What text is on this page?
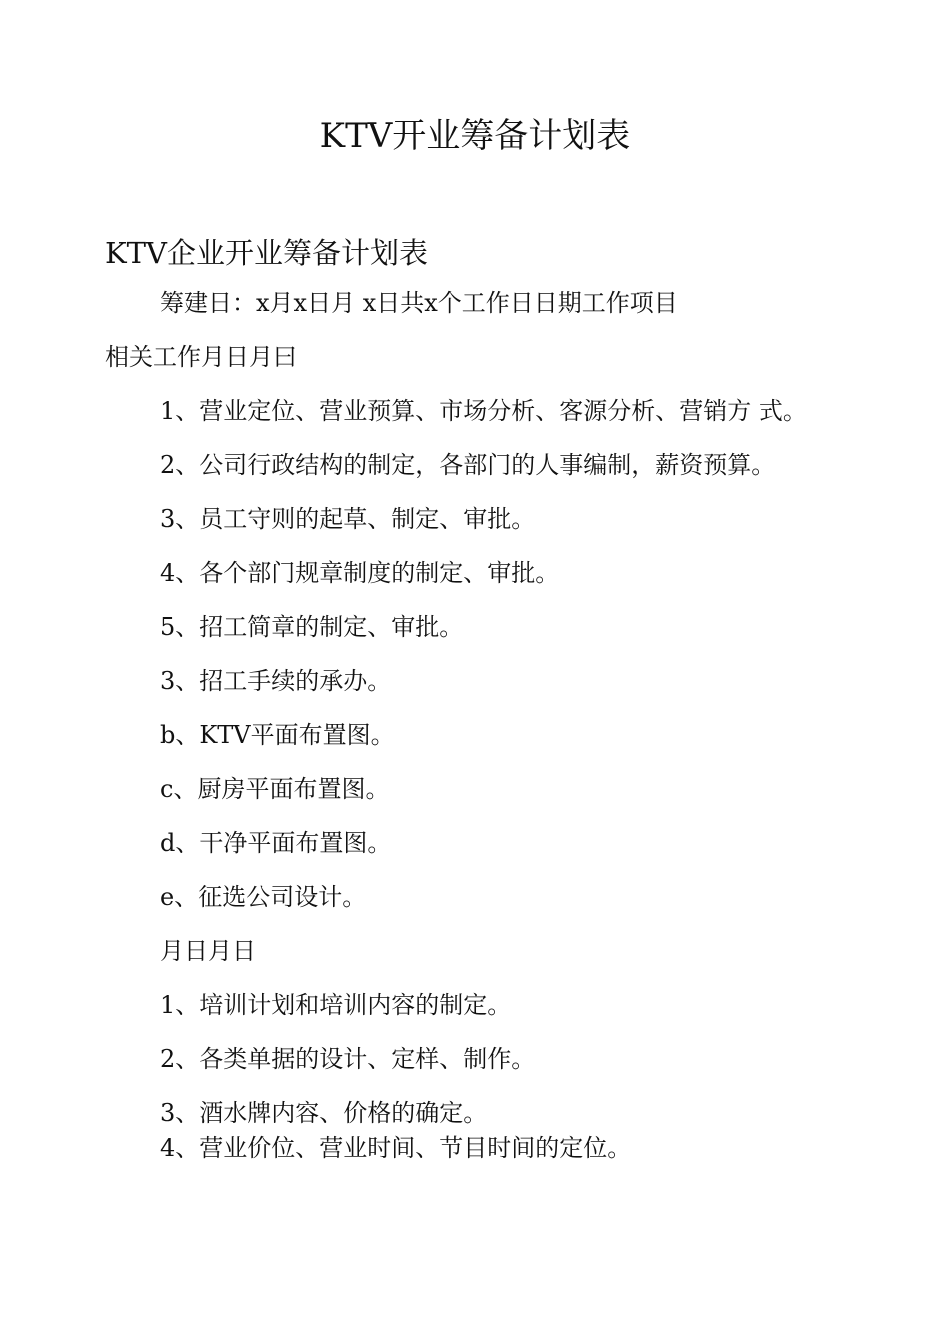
KTV开业筹备计划表
KTV企业开业筹备计划表
筹建日：x月x日月 x日共x个工作日日期工作项目
相关工作月日月曰
1、营业定位、营业预算、市场分析、客源分析、营销方 式。
2、公司行政结构的制定，各部门的人事编制，薪资预算。
3、员工守则的起草、制定、审批。
4、各个部门规章制度的制定、审批。
5、招工简章的制定、审批。
3、招工手续的承办。
b、KTV平面布置图。
c、厨房平面布置图。
d、干净平面布置图。
e、征选公司设计。
月日月日
1、培训计划和培训内容的制定。
2、各类单据的设计、定样、制作。
3、酒水牌内容、价格的确定。
4、营业价位、营业时间、节目时间的定位。
